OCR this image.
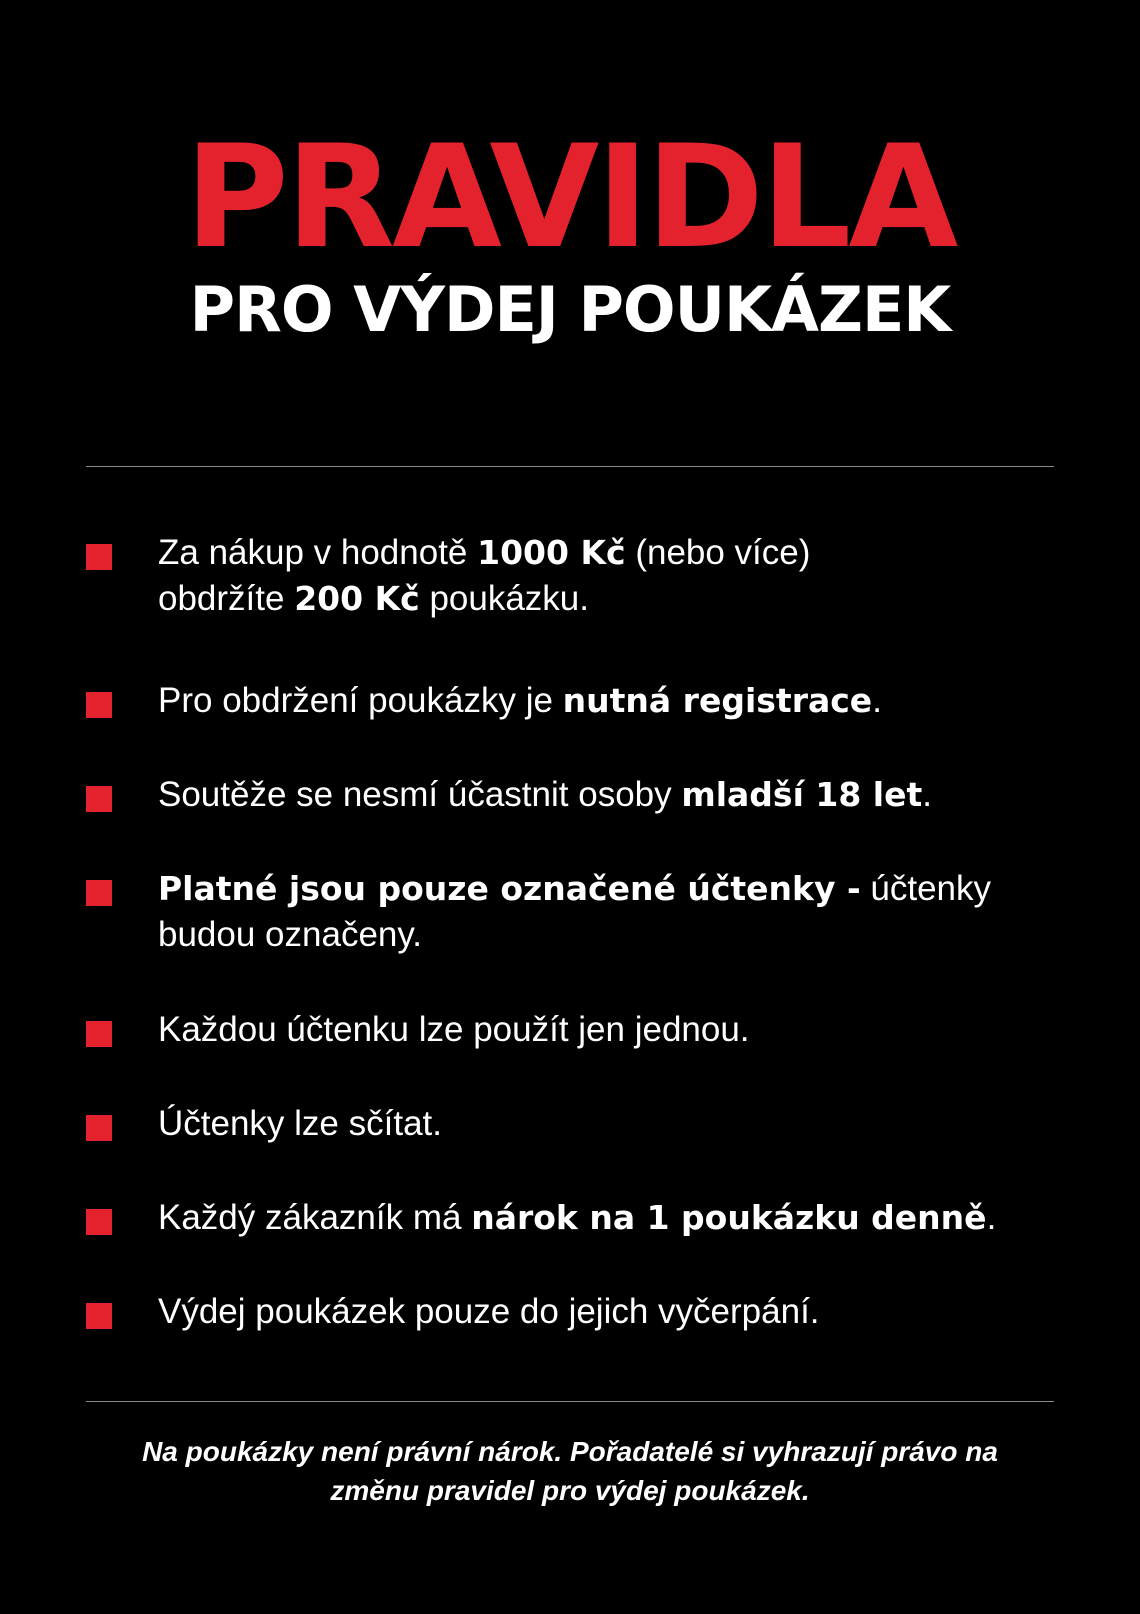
PRAVIDLA
PRO VÝDEJ POUKÁZEK
Za nákup v hodnotě 1000 Kč (nebo více)
obdržíte 200 Kč poukázku.
Pro obdržení poukázky je nutná registrace.
Soutěže se nesmí účastnit osoby mladší 18 let.
Platné jsou pouze označené účtenky - účtenky
budou označeny.
Každou účtenku lze použít jen jednou.
Účtenky lze sčítat.
Každý zákazník má nárok na 1 poukázku denně.
Výdej poukázek pouze do jejich vyčerpání.
Na poukázky není právní nárok. Pořadatelé si vyhrazují právo na
změnu pravidel pro výdej poukázek.
